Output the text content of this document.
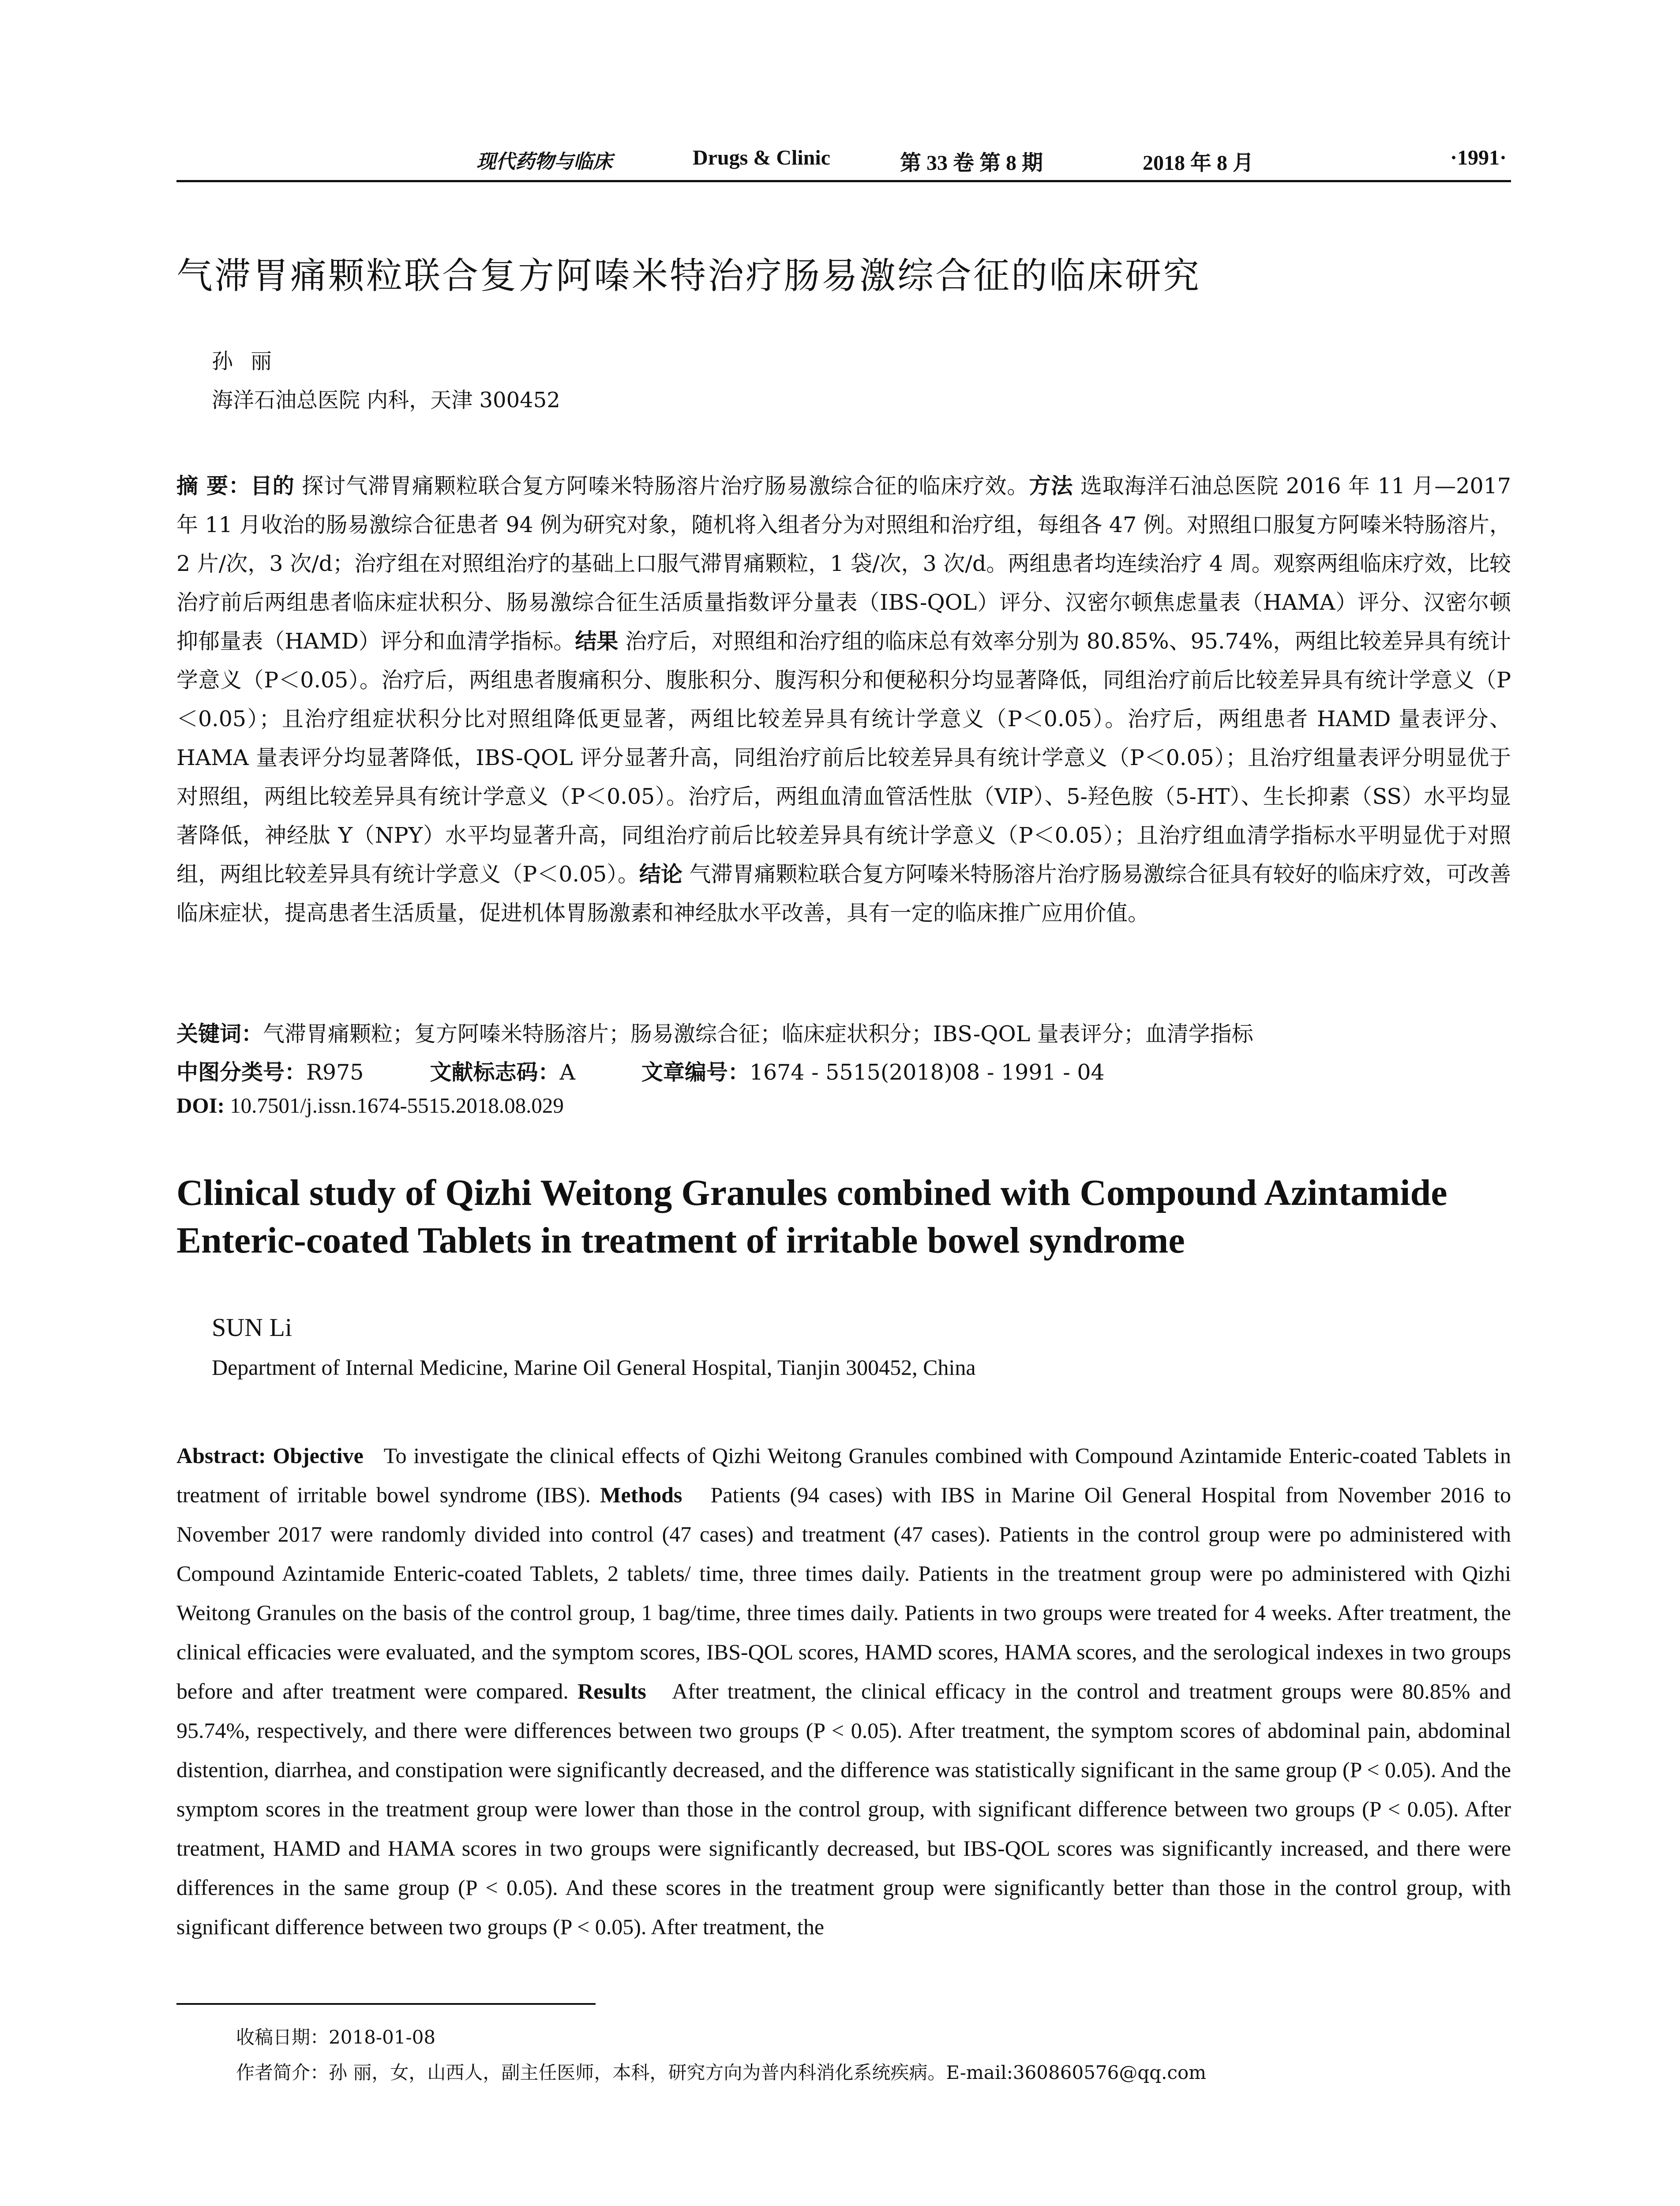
现代药物与临床	Drugs & Clinic	第 33 卷 第 8 期	2018 年 8 月	·1991·
气滞胃痛颗粒联合复方阿嗪米特治疗肠易激综合征的临床研究
孙丽
海洋石油总医院 内科，天津 300452
摘 要：目的 探讨气滞胃痛颗粒联合复方阿嗪米特肠溶片治疗肠易激综合征的临床疗效。方法 选取海洋石油总医院 2016 年 11 月—2017 年 11 月收治的肠易激综合征患者 94 例为研究对象，随机将入组者分为对照组和治疗组，每组各 47 例。对照组口服复方阿嗪米特肠溶片，2 片/次，3 次/d；治疗组在对照组治疗的基础上口服气滞胃痛颗粒，1 袋/次，3 次/d。两组患者均连续治疗 4 周。观察两组临床疗效，比较治疗前后两组患者临床症状积分、肠易激综合征生活质量指数评分量表（IBS-QOL）评分、汉密尔顿焦虑量表（HAMA）评分、汉密尔顿抑郁量表（HAMD）评分和血清学指标。结果 治疗后，对照组和治疗组的临床总有效率分别为 80.85%、95.74%，两组比较差异具有统计学意义（P＜0.05）。治疗后，两组患者腹痛积分、腹胀积分、腹泻积分和便秘积分均显著降低，同组治疗前后比较差异具有统计学意义（P＜0.05）；且治疗组症状积分比对照组降低更显著，两组比较差异具有统计学意义（P＜0.05）。治疗后，两组患者 HAMD 量表评分、HAMA 量表评分均显著降低，IBS-QOL 评分显著升高，同组治疗前后比较差异具有统计学意义（P＜0.05）；且治疗组量表评分明显优于对照组，两组比较差异具有统计学意义（P＜0.05）。治疗后，两组血清血管活性肽（VIP）、5-羟色胺（5-HT）、生长抑素（SS）水平均显著降低，神经肽 Y（NPY）水平均显著升高，同组治疗前后比较差异具有统计学意义（P＜0.05）；且治疗组血清学指标水平明显优于对照组，两组比较差异具有统计学意义（P＜0.05）。结论 气滞胃痛颗粒联合复方阿嗪米特肠溶片治疗肠易激综合征具有较好的临床疗效，可改善临床症状，提高患者生活质量，促进机体胃肠激素和神经肽水平改善，具有一定的临床推广应用价值。
关键词：气滞胃痛颗粒；复方阿嗪米特肠溶片；肠易激综合征；临床症状积分；IBS-QOL 量表评分；血清学指标
中图分类号：R975	文献标志码：A	文章编号：1674 - 5515(2018)08 - 1991 - 04
DOI: 10.7501/j.issn.1674-5515.2018.08.029
Clinical study of Qizhi Weitong Granules combined with Compound Azintamide Enteric-coated Tablets in treatment of irritable bowel syndrome
SUN Li
Department of Internal Medicine, Marine Oil General Hospital, Tianjin 300452, China
Abstract: Objective To investigate the clinical effects of Qizhi Weitong Granules combined with Compound Azintamide Enteric-coated Tablets in treatment of irritable bowel syndrome (IBS). Methods Patients (94 cases) with IBS in Marine Oil General Hospital from November 2016 to November 2017 were randomly divided into control (47 cases) and treatment (47 cases). Patients in the control group were po administered with Compound Azintamide Enteric-coated Tablets, 2 tablets/ time, three times daily. Patients in the treatment group were po administered with Qizhi Weitong Granules on the basis of the control group, 1 bag/time, three times daily. Patients in two groups were treated for 4 weeks. After treatment, the clinical efficacies were evaluated, and the symptom scores, IBS-QOL scores, HAMD scores, HAMA scores, and the serological indexes in two groups before and after treatment were compared. Results After treatment, the clinical efficacy in the control and treatment groups were 80.85% and 95.74%, respectively, and there were differences between two groups (P < 0.05). After treatment, the symptom scores of abdominal pain, abdominal distention, diarrhea, and constipation were significantly decreased, and the difference was statistically significant in the same group (P < 0.05). And the symptom scores in the treatment group were lower than those in the control group, with significant difference between two groups (P < 0.05). After treatment, HAMD and HAMA scores in two groups were significantly decreased, but IBS-QOL scores was significantly increased, and there were differences in the same group (P < 0.05). And these scores in the treatment group were significantly better than those in the control group, with significant difference between two groups (P < 0.05). After treatment, the
收稿日期：2018-01-08
作者简介：孙 丽，女，山西人，副主任医师，本科，研究方向为普内科消化系统疾病。E-mail:360860576@qq.com
